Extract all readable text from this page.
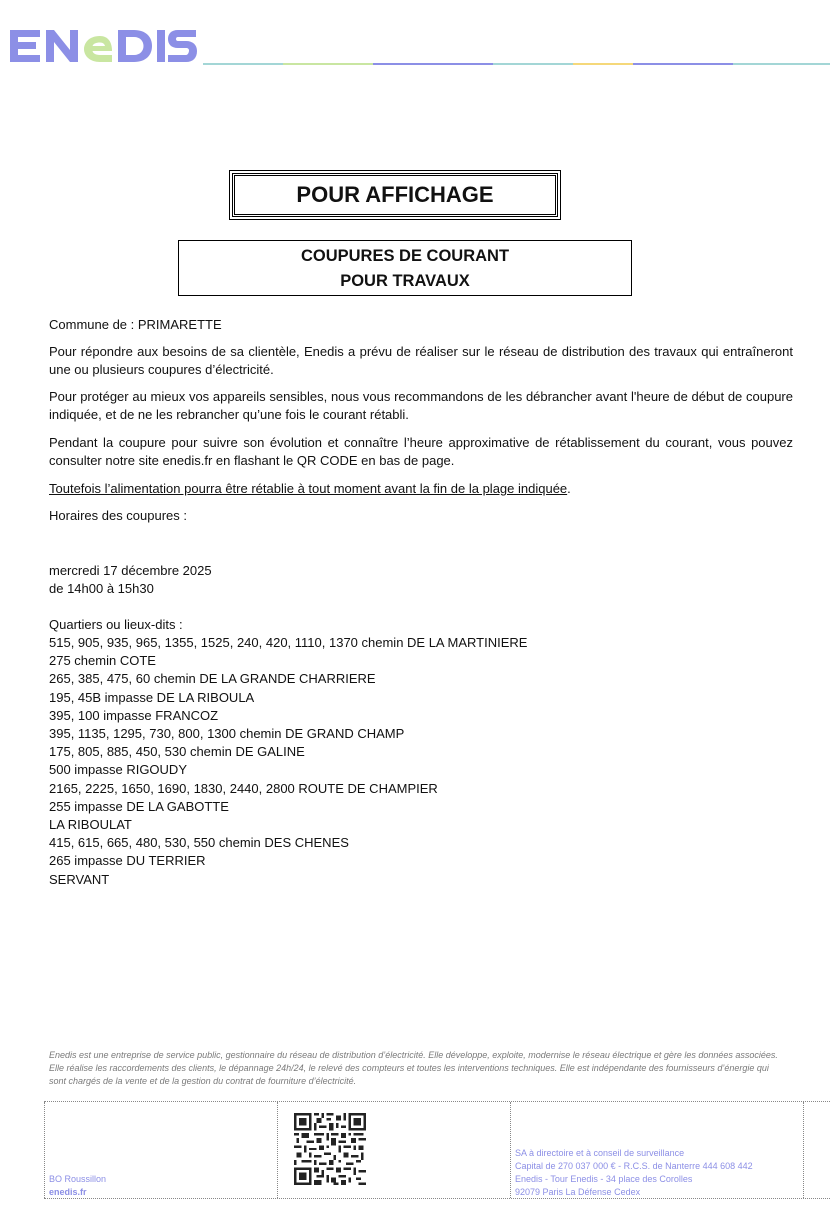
POUR AFFICHAGE
COUPURES DE COURANT
POUR TRAVAUX

Commune de : PRIMARETTE

Pour répondre aux besoins de sa clientèle, Enedis a prévu de réaliser sur le réseau de distribution des travaux qui entraîneront une ou plusieurs coupures d’électricité.

Pour protéger au mieux vos appareils sensibles, nous vous recommandons de les débrancher avant l'heure de début de coupure indiquée, et de ne les rebrancher qu’une fois le courant rétabli.

Pendant la coupure pour suivre son évolution et connaître l’heure approximative de rétablissement du courant, vous pouvez consulter notre site enedis.fr en flashant le QR CODE en bas de page.

Toutefois l’alimentation pourra être rétablie à tout moment avant la fin de la plage indiquée.

Horaires des coupures :

mercredi 17 décembre 2025

de 14h00 à 15h30

Quartiers ou lieux-dits :

515, 905, 935, 965, 1355, 1525, 240, 420, 1110, 1370 chemin DE LA MARTINIERE
275 chemin COTE
265, 385, 475, 60 chemin DE LA GRANDE CHARRIERE
195, 45B impasse DE LA RIBOULA
395, 100 impasse FRANCOZ
395, 1135, 1295, 730, 800, 1300 chemin DE GRAND CHAMP
175, 805, 885, 450, 530 chemin DE GALINE
500 impasse RIGOUDY
2165, 2225, 1650, 1690, 1830, 2440, 2800 ROUTE DE CHAMPIER
255 impasse DE LA GABOTTE
LA RIBOULAT
415, 615, 665, 480, 530, 550 chemin DES CHENES
265 impasse DU TERRIER
SERVANT
Enedis est une entreprise de service public, gestionnaire du réseau de distribution d’électricité. Elle développe, exploite, modernise le réseau électrique et gère les données associées. Elle réalise les raccordements des clients, le dépannage 24h/24, le relevé des compteurs et toutes les interventions techniques. Elle est indépendante des fournisseurs d’énergie qui sont chargés de la vente et de la gestion du contrat de fourniture d’électricité.
BO Roussillon
enedis.fr
SA à directoire et à conseil de surveillance
Capital de 270 037 000 € - R.C.S. de Nanterre 444 608 442
Enedis - Tour Enedis - 34 place des Corolles
92079 Paris La Défense Cedex
